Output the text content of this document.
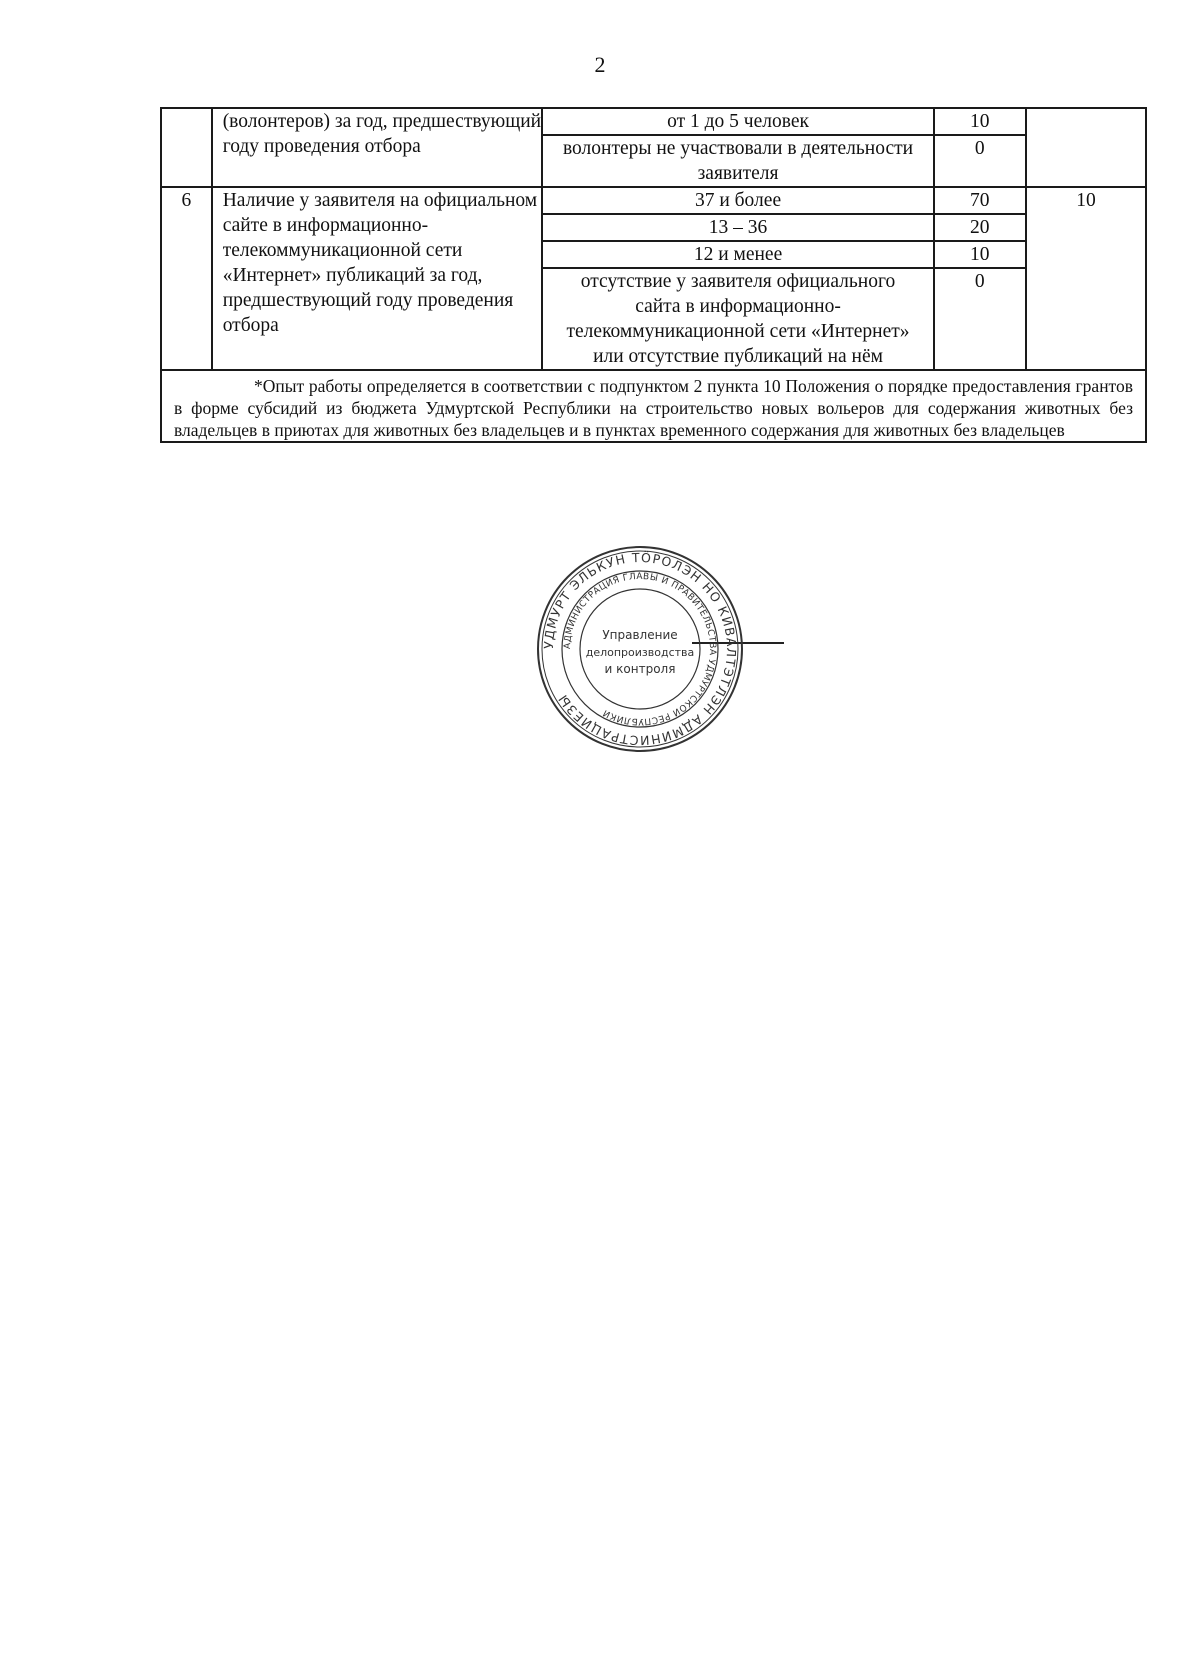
2
	(волонтеров) за год, предшествующий году проведения отбора	от 1 до 5 человек	10	
		волонтеры не участвовали в деятельности заявителя	0	
6	Наличие у заявителя на официальном сайте в информационно-телекоммуникационной сети «Интернет» публикаций за год, предшествующий году проведения отбора	37 и более	70	10
		13 – 36	20	
		12 и менее	10	
		отсутствие у заявителя официального сайта в информационно-телекоммуникационной сети «Интернет» или отсутствие публикаций на нём	0	

*Опыт работы определяется в соответствии с подпунктом 2 пункта 10 Положения о порядке предоставления грантов в форме субсидий из бюджета Удмуртской Республики на строительство новых вольеров для содержания животных без владельцев в приютах для животных без владельцев и в пунктах временного содержания для животных без владельцев				
УДМУРТ ЭЛЬКУН ТӦРОЛЭН НО КИВАЛТЭТЛЭН АДМИНИСТРАЦИЕЗЫ
АДМИНИСТРАЦИЯ ГЛАВЫ И ПРАВИТЕЛЬСТВА УДМУРТСКОЙ РЕСПУБЛИКИ
Управление
делопроизводства
и контроля
